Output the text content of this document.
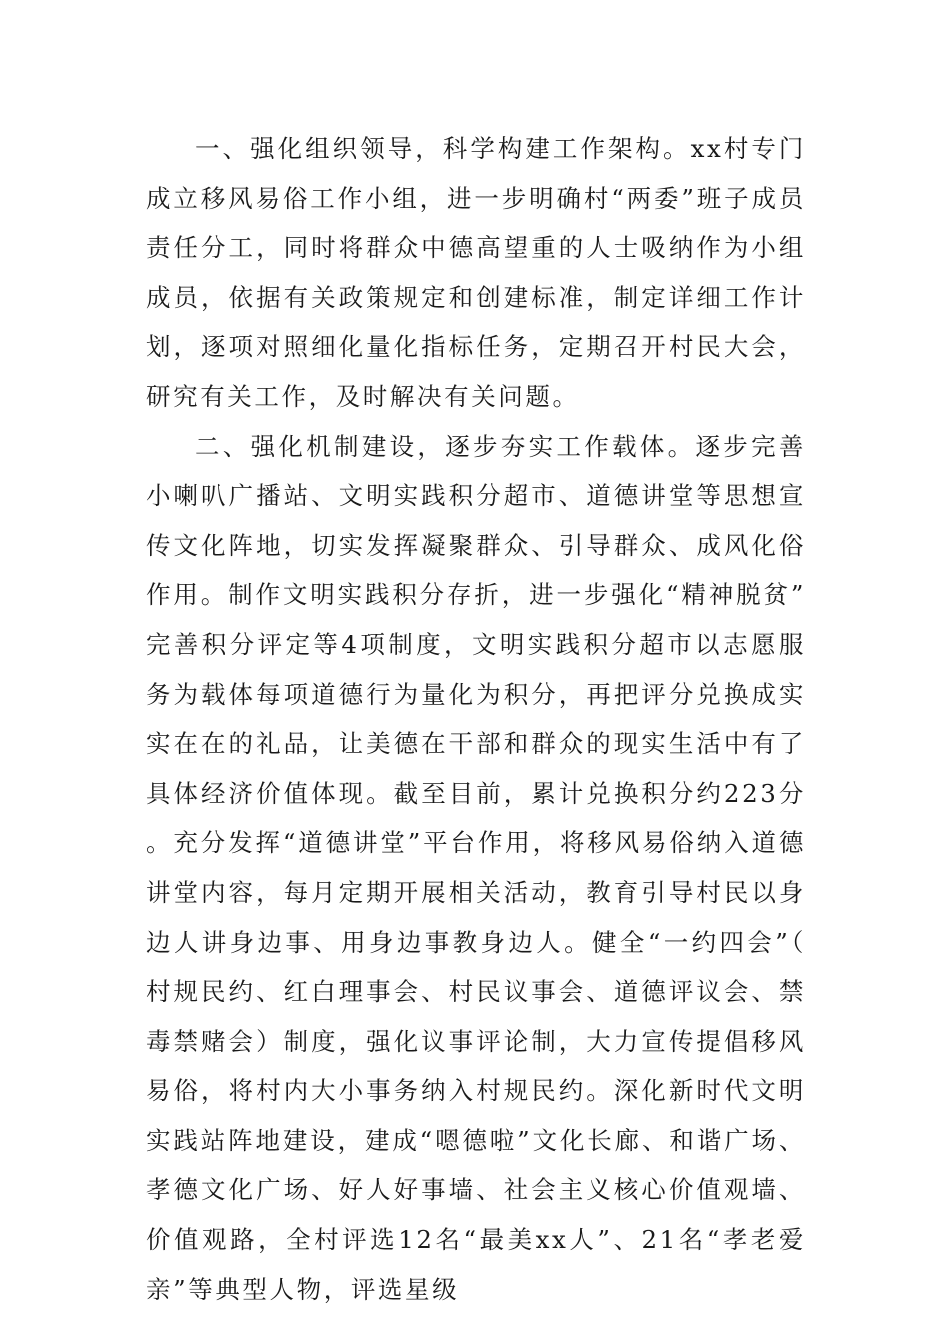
一、强化组织领导，科学构建工作架构。xx村专门成立移风易俗工作小组，进一步明确村“两委”班子成员责任分工，同时将群众中德高望重的人士吸纳作为小组成员，依据有关政策规定和创建标准，制定详细工作计划，逐项对照细化量化指标任务，定期召开村民大会，研究有关工作，及时解决有关问题。

二、强化机制建设，逐步夯实工作载体。逐步完善小喇叭广播站、文明实践积分超市、道德讲堂等思想宣传文化阵地，切实发挥凝聚群众、引导群众、成风化俗作用。制作文明实践积分存折，进一步强化“精神脱贫”完善积分评定等4项制度，文明实践积分超市以志愿服务为载体每项道德行为量化为积分，再把评分兑换成实实在在的礼品，让美德在干部和群众的现实生活中有了具体经济价值体现。截至目前，累计兑换积分约223分。充分发挥“道德讲堂”平台作用，将移风易俗纳入道德讲堂内容，每月定期开展相关活动，教育引导村民以身边人讲身边事、用身边事教身边人。健全“一约四会”（村规民约、红白理事会、村民议事会、道德评议会、禁毒禁赌会）制度，强化议事评论制，大力宣传提倡移风易俗，将村内大小事务纳入村规民约。深化新时代文明实践站阵地建设，建成“嗯德啦”文化长廊、和谐广场、孝德文化广场、好人好事墙、社会主义核心价值观墙、价值观路，全村评选12名“最美xx人”、21名“孝老爱亲”等典型人物，评选星级
